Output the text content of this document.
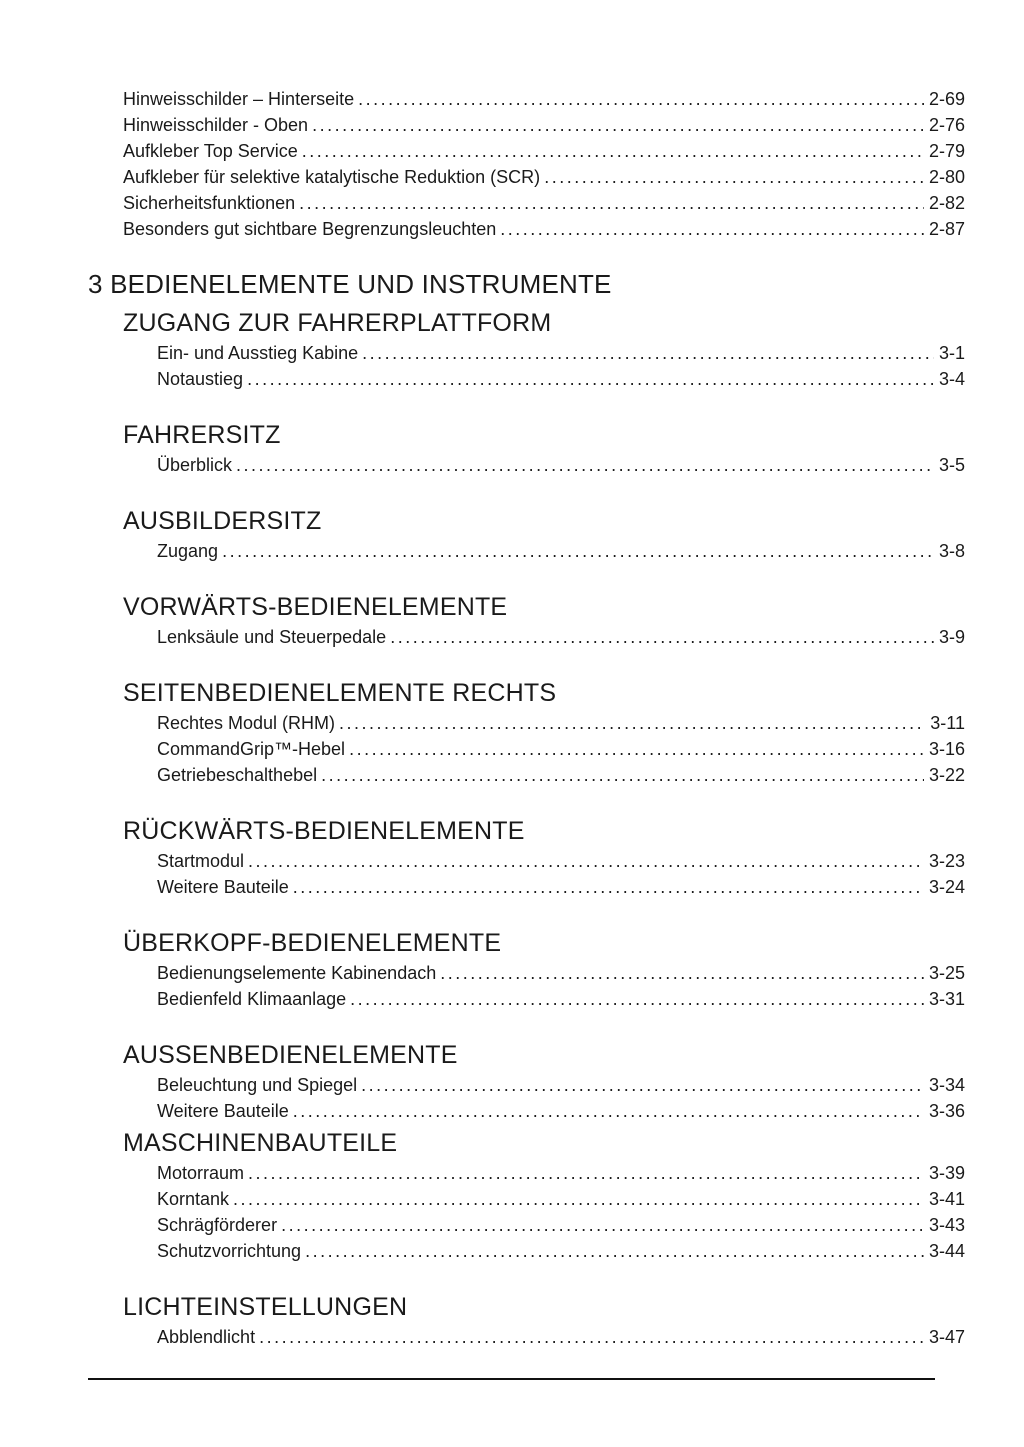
Hinweisschilder – Hinterseite .....	2-69
Hinweisschilder - Oben .....	2-76
Aufkleber Top Service .....	2-79
Aufkleber für selektive katalytische Reduktion (SCR) .....	2-80
Sicherheitsfunktionen .....	2-82
Besonders gut sichtbare Begrenzungsleuchten .....	2-87
3 BEDIENELEMENTE UND INSTRUMENTE
ZUGANG ZUR FAHRERPLATTFORM
Ein- und Ausstieg Kabine .....	3-1
Notaustieg .....	3-4
FAHRERSITZ
Überblick .....	3-5
AUSBILDERSITZ
Zugang .....	3-8
VORWÄRTS-BEDIENELEMENTE
Lenksäule und Steuerpedale .....	3-9
SEITENBEDIENELEMENTE RECHTS
Rechtes Modul (RHM) .....	3-11
CommandGrip™-Hebel .....	3-16
Getriebeschalthebel .....	3-22
RÜCKWÄRTS-BEDIENELEMENTE
Startmodul .....	3-23
Weitere Bauteile .....	3-24
ÜBERKOPF-BEDIENELEMENTE
Bedienungselemente Kabinendach .....	3-25
Bedienfeld Klimaanlage .....	3-31
AUSSENBEDIENELEMENTE
Beleuchtung und Spiegel .....	3-34
Weitere Bauteile .....	3-36
MASCHINENBAUTEILE
Motorraum .....	3-39
Korntank .....	3-41
Schrägförderer .....	3-43
Schutzvorrichtung .....	3-44
LICHTEINSTELLUNGEN
Abblendlicht .....	3-47
